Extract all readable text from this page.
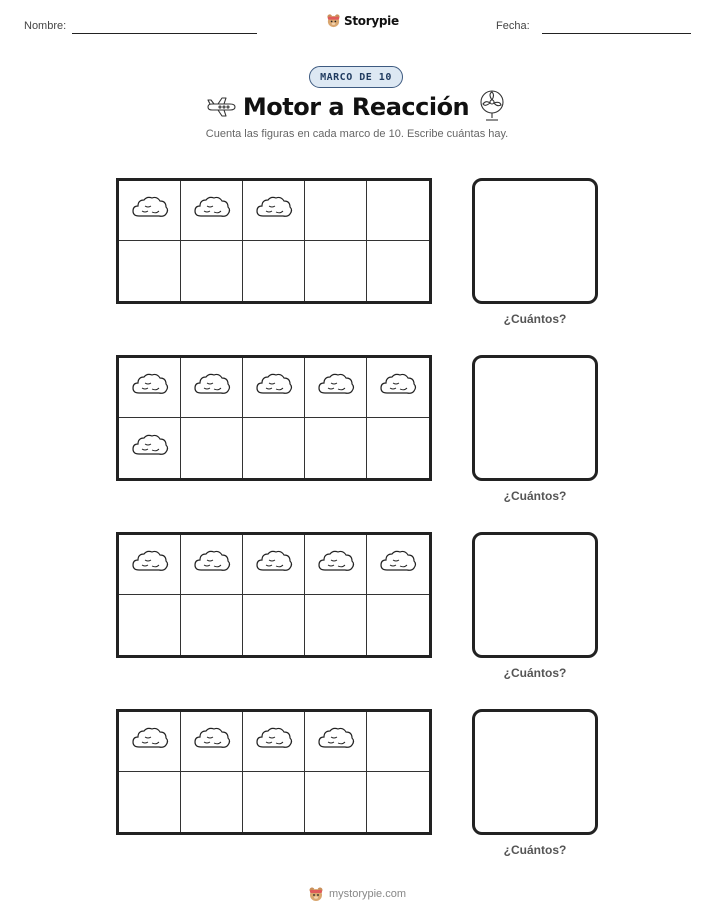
Nombre:	Storypie	Fecha:
MARCO DE 10
Motor a Reacción
Cuenta las figuras en cada marco de 10. Escribe cuántas hay.
¿Cuántos?
¿Cuántos?
¿Cuántos?
¿Cuántos?
mystorypie.com
